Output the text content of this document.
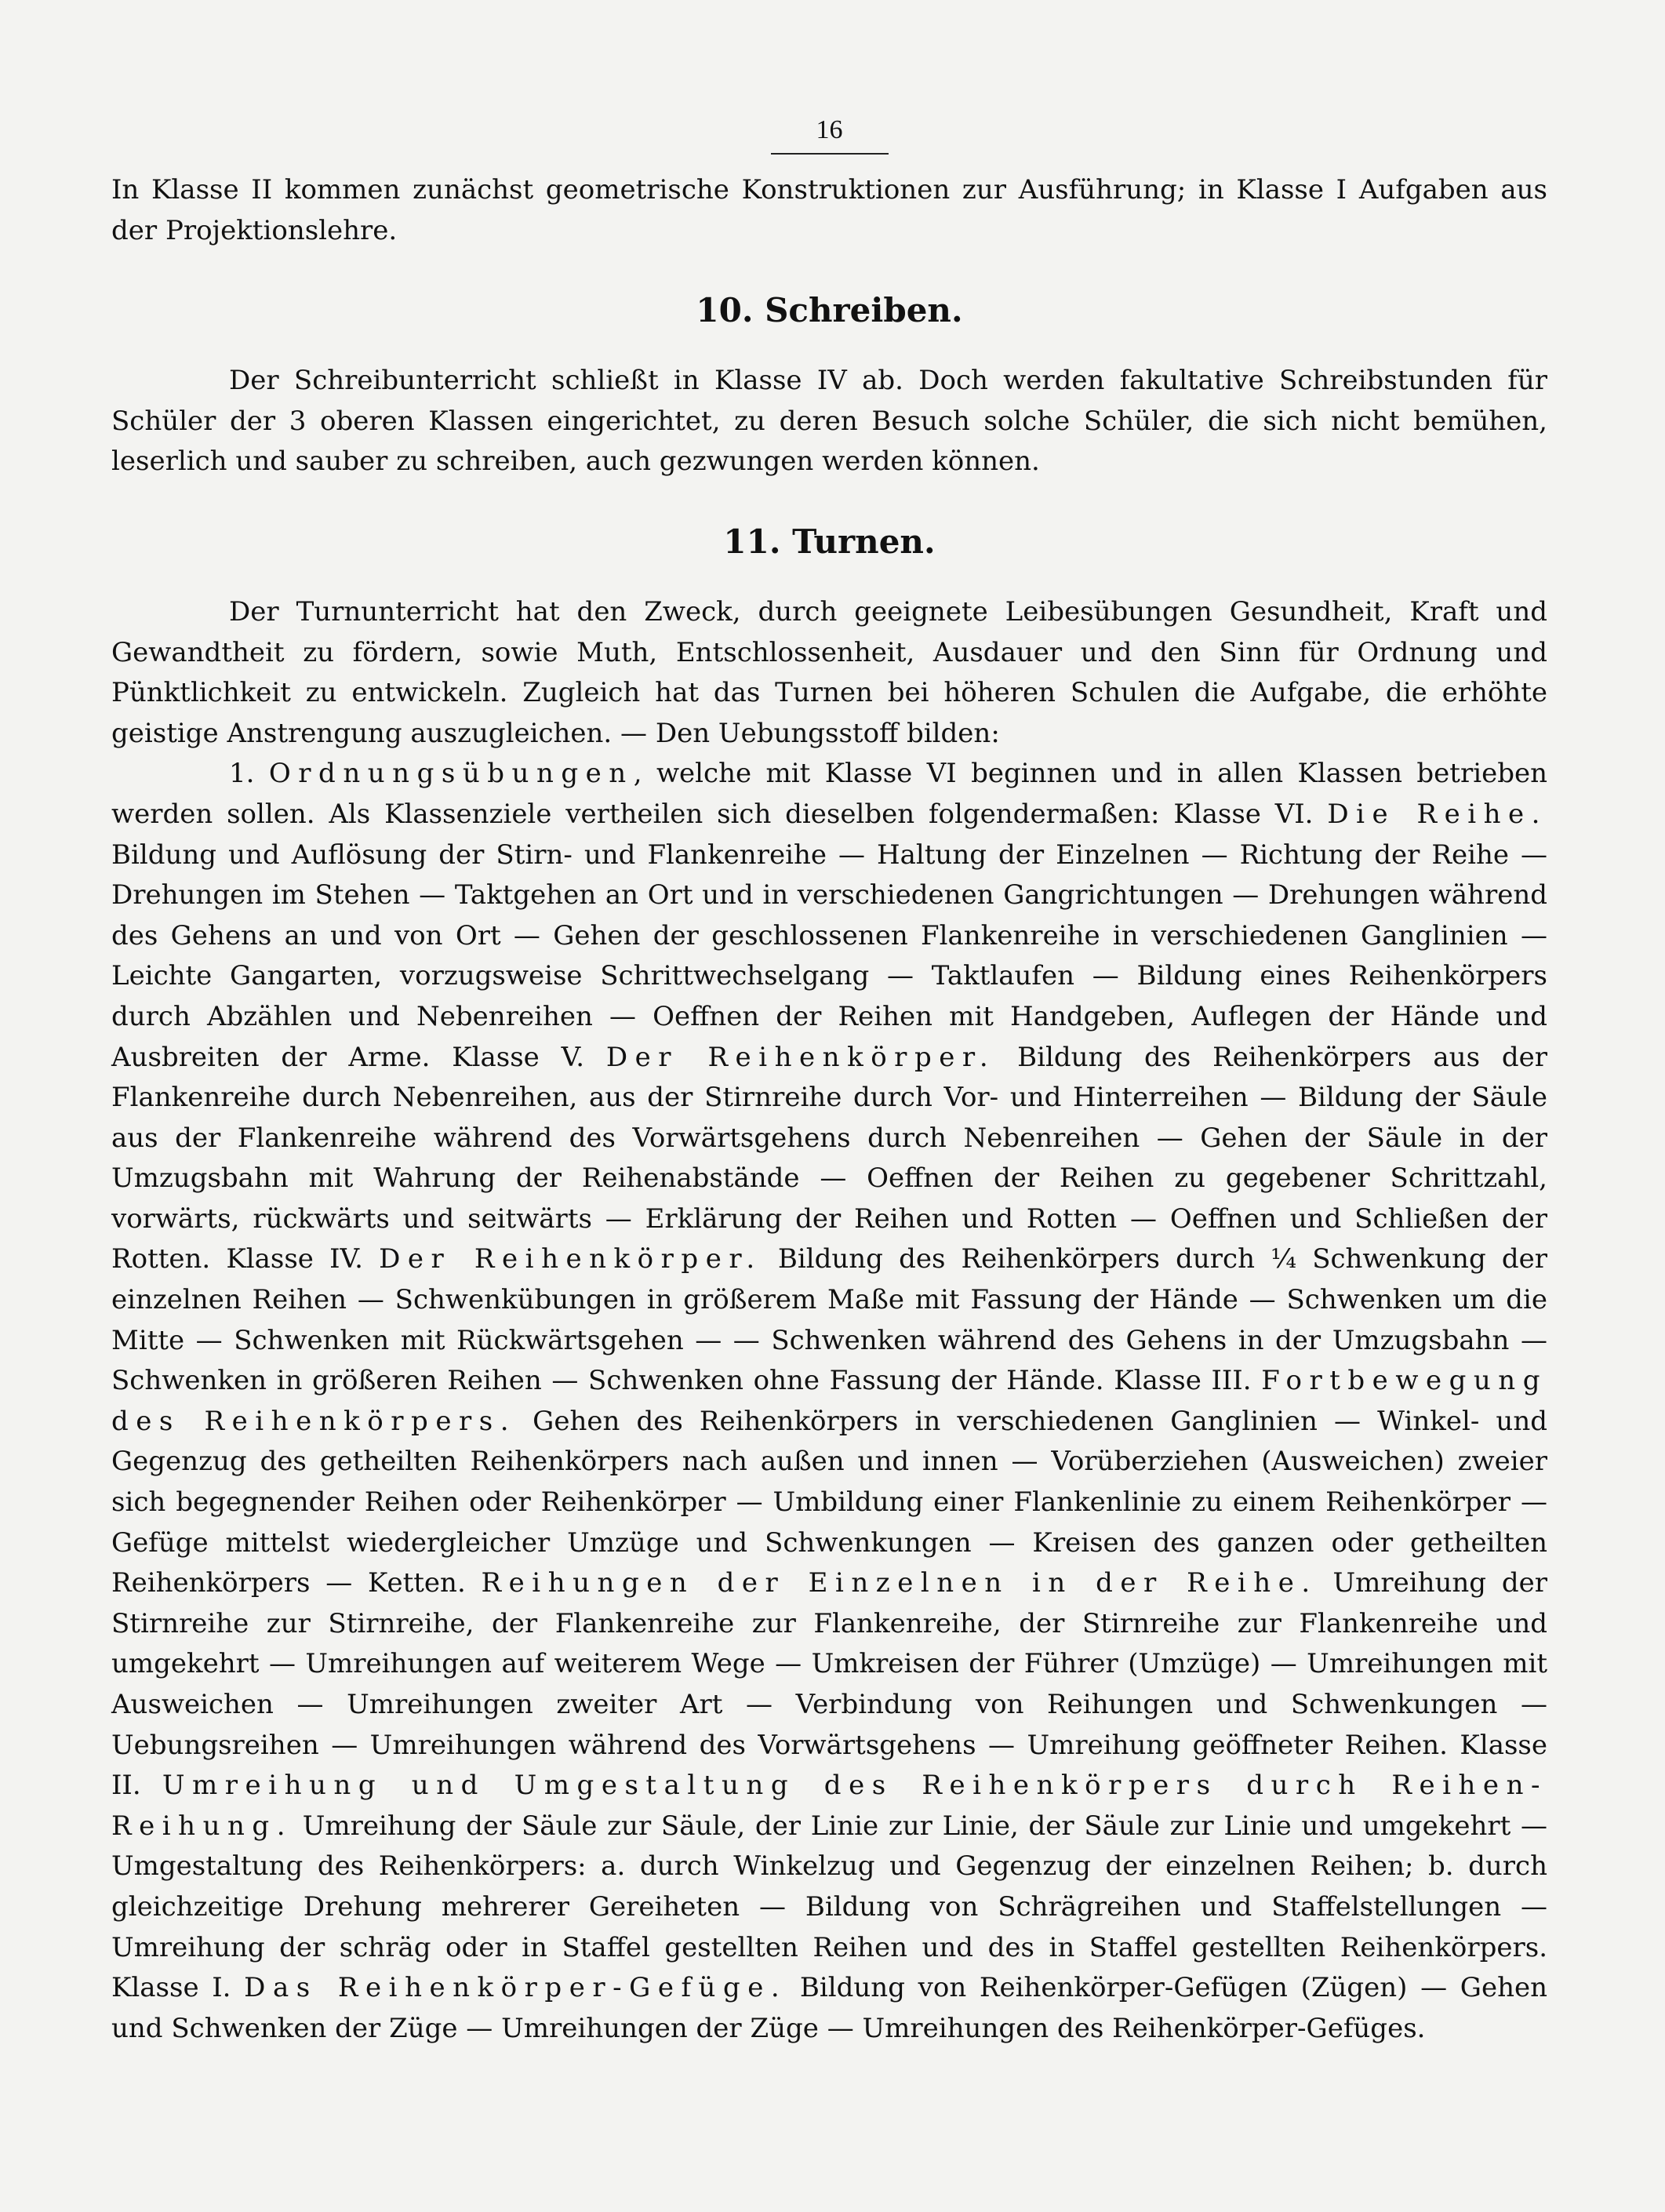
16

In Klasse II kommen zunächst geometrische Konstruktionen zur Ausführung; in Klasse I Aufgaben aus der Projektionslehre.

10. Schreiben.

Der Schreibunterricht schließt in Klasse IV ab. Doch werden fakultative Schreibstunden für Schüler der 3 oberen Klassen eingerichtet, zu deren Besuch solche Schüler, die sich nicht bemühen, leserlich und sauber zu schreiben, auch gezwungen werden können.

11. Turnen.

Der Turnunterricht hat den Zweck, durch geeignete Leibesübungen Gesundheit, Kraft und Gewandtheit zu fördern, sowie Muth, Entschlossenheit, Ausdauer und den Sinn für Ordnung und Pünktlichkeit zu entwickeln. Zugleich hat das Turnen bei höheren Schulen die Aufgabe, die erhöhte geistige Anstrengung auszugleichen. — Den Uebungsstoff bilden:

1. Ordnungsübungen, welche mit Klasse VI beginnen und in allen Klassen betrieben werden sollen. Als Klassenziele vertheilen sich dieselben folgendermaßen: Klasse VI. Die Reihe. Bildung und Auflösung der Stirn- und Flankenreihe — Haltung der Einzelnen — Richtung der Reihe — Drehungen im Stehen — Taktgehen an Ort und in verschiedenen Gangrichtungen — Drehungen während des Gehens an und von Ort — Gehen der geschlossenen Flankenreihe in verschiedenen Ganglinien — Leichte Gangarten, vorzugsweise Schrittwechselgang — Taktlaufen — Bildung eines Reihenkörpers durch Abzählen und Nebenreihen — Oeffnen der Reihen mit Handgeben, Auflegen der Hände und Ausbreiten der Arme. Klasse V. Der Reihenkörper. Bildung des Reihenkörpers aus der Flankenreihe durch Nebenreihen, aus der Stirnreihe durch Vor- und Hinterreihen — Bildung der Säule aus der Flankenreihe während des Vorwärtsgehens durch Nebenreihen — Gehen der Säule in der Umzugsbahn mit Wahrung der Reihenabstände — Oeffnen der Reihen zu gegebener Schrittzahl, vorwärts, rückwärts und seitwärts — Erklärung der Reihen und Rotten — Oeffnen und Schließen der Rotten. Klasse IV. Der Reihenkörper. Bildung des Reihenkörpers durch ¼ Schwenkung der einzelnen Reihen — Schwenkübungen in größerem Maße mit Fassung der Hände — Schwenken um die Mitte — Schwenken mit Rückwärtsgehen — — Schwenken während des Gehens in der Umzugsbahn — Schwenken in größeren Reihen — Schwenken ohne Fassung der Hände. Klasse III. Fortbewegung des Reihenkörpers. Gehen des Reihenkörpers in verschiedenen Ganglinien — Winkel- und Gegenzug des getheilten Reihenkörpers nach außen und innen — Vorüberziehen (Ausweichen) zweier sich begegnender Reihen oder Reihenkörper — Umbildung einer Flankenlinie zu einem Reihenkörper — Gefüge mittelst wiedergleicher Umzüge und Schwenkungen — Kreisen des ganzen oder getheilten Reihenkörpers — Ketten. Reihungen der Einzelnen in der Reihe. Umreihung der Stirnreihe zur Stirnreihe, der Flankenreihe zur Flankenreihe, der Stirnreihe zur Flankenreihe und umgekehrt — Umreihungen auf weiterem Wege — Umkreisen der Führer (Umzüge) — Umreihungen mit Ausweichen — Umreihungen zweiter Art — Verbindung von Reihungen und Schwenkungen — Uebungsreihen — Umreihungen während des Vorwärtsgehens — Umreihung geöffneter Reihen. Klasse II. Umreihung und Umgestaltung des Reihenkörpers durch Reihen-Reihung. Umreihung der Säule zur Säule, der Linie zur Linie, der Säule zur Linie und umgekehrt — Umgestaltung des Reihenkörpers: a. durch Winkelzug und Gegenzug der einzelnen Reihen; b. durch gleichzeitige Drehung mehrerer Gereiheten — Bildung von Schrägreihen und Staffelstellungen — Umreihung der schräg oder in Staffel gestellten Reihen und des in Staffel gestellten Reihenkörpers. Klasse I. Das Reihenkörper-Gefüge. Bildung von Reihenkörper-Gefügen (Zügen) — Gehen und Schwenken der Züge — Umreihungen der Züge — Umreihungen des Reihenkörper-Gefüges.
